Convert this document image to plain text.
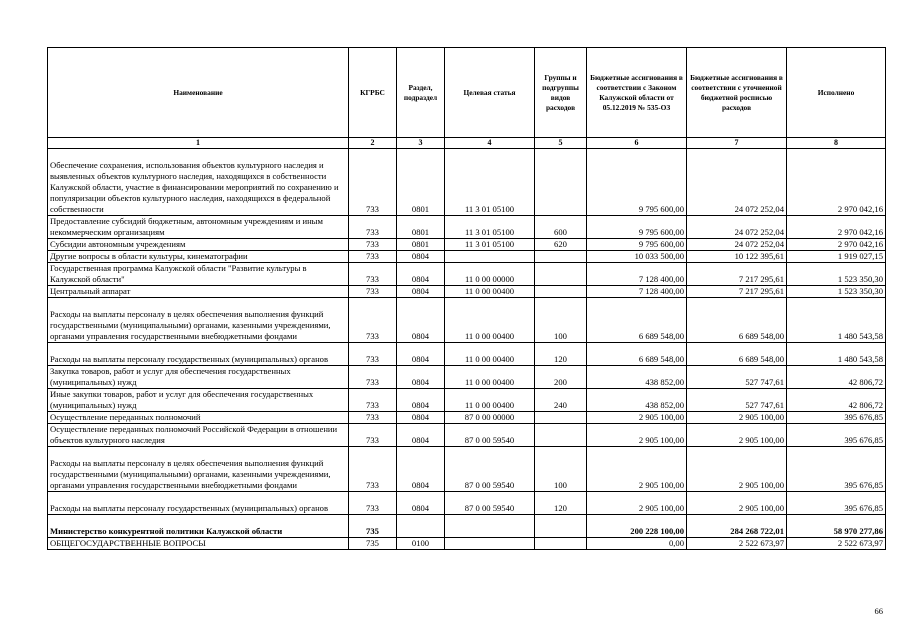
Наименование	КГРБС	Раздел, подраздел	Целевая статья	Группы и подгруппы видов расходов	Бюджетные ассигнования в соответствии с Законом Калужской области от 05.12.2019 № 535-ОЗ	Бюджетные ассигнования в соответствии с уточненной бюджетной росписью расходов	Исполнено
1	2	3	4	5	6	7	8
Обеспечение сохранения, использования объектов культурного наследия и выявленных объектов культурного наследия, находящихся в собственности Калужской области, участие в финансировании мероприятий по сохранению и популяризации объектов культурного наследия, находящихся в федеральной собственности	733	0801	11 3 01 05100		9 795 600,00	24 072 252,04	2 970 042,16
Предоставление субсидий бюджетным, автономным учреждениям и иным некоммерческим организациям	733	0801	11 3 01 05100	600	9 795 600,00	24 072 252,04	2 970 042,16
Субсидии автономным учреждениям	733	0801	11 3 01 05100	620	9 795 600,00	24 072 252,04	2 970 042,16
Другие вопросы в области культуры, кинематографии	733	0804			10 033 500,00	10 122 395,61	1 919 027,15
Государственная программа Калужской области "Развитие культуры в Калужской области"	733	0804	11 0 00 00000		7 128 400,00	7 217 295,61	1 523 350,30
Центральный аппарат	733	0804	11 0 00 00400		7 128 400,00	7 217 295,61	1 523 350,30
Расходы на выплаты персоналу в целях обеспечения выполнения функций государственными (муниципальными) органами, казенными учреждениями, органами управления государственными внебюджетными фондами	733	0804	11 0 00 00400	100	6 689 548,00	6 689 548,00	1 480 543,58
Расходы на выплаты персоналу государственных (муниципальных) органов	733	0804	11 0 00 00400	120	6 689 548,00	6 689 548,00	1 480 543,58
Закупка товаров, работ и услуг для обеспечения государственных (муниципальных) нужд	733	0804	11 0 00 00400	200	438 852,00	527 747,61	42 806,72
Иные закупки товаров, работ и услуг для обеспечения государственных (муниципальных) нужд	733	0804	11 0 00 00400	240	438 852,00	527 747,61	42 806,72
Осуществление переданных полномочий	733	0804	87 0 00 00000		2 905 100,00	2 905 100,00	395 676,85
Осуществление переданных полномочий Российской Федерации в отношении объектов культурного наследия	733	0804	87 0 00 59540		2 905 100,00	2 905 100,00	395 676,85
Расходы на выплаты персоналу в целях обеспечения выполнения функций государственными (муниципальными) органами, казенными учреждениями, органами управления государственными внебюджетными фондами	733	0804	87 0 00 59540	100	2 905 100,00	2 905 100,00	395 676,85
Расходы на выплаты персоналу государственных (муниципальных) органов	733	0804	87 0 00 59540	120	2 905 100,00	2 905 100,00	395 676,85
Министерство конкурентной политики Калужской области	735				200 228 100,00	284 268 722,01	58 970 277,86
ОБЩЕГОСУДАРСТВЕННЫЕ ВОПРОСЫ	735	0100			0,00	2 522 673,97	2 522 673,97
66
